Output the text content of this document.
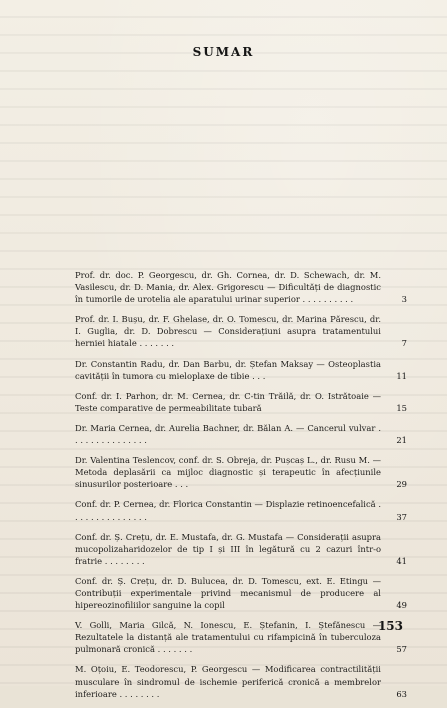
SUMAR
Prof. dr. doc. P. Georgescu, dr. Gh. Cornea, dr. D. Schewach, dr. M. Vasilescu, dr. D. Mania, dr. Alex. Grigorescu — Dificultăți de diagnostic în tumorile de urotelia ale aparatului urinar superior . . . . . . . . . .	3
Prof. dr. I. Bușu, dr. F. Ghelase, dr. O. Tomescu, dr. Marina Părescu, dr. I. Guglia, dr. D. Dobrescu — Considerațiuni asupra tratamentului herniei hiatale . . . . . . .	7
Dr. Constantin Radu, dr. Dan Barbu, dr. Ștefan Maksay — Osteoplastia cavității în tumora cu mieloplaxe de tibie . . .	11
Conf. dr. I. Parhon, dr. M. Cernea, dr. C-tin Trăilă, dr. O. Istrătoaie — Teste comparative de permeabilitate tubară	15
Dr. Maria Cernea, dr. Aurelia Bachner, dr. Bălan A. — Cancerul vulvar . . . . . . . . . . . . . . .	21
Dr. Valentina Teslencov, conf. dr. S. Obreja, dr. Pușcaș L., dr. Rusu M. — Metoda deplasării ca mijloc diagnostic și terapeutic în afecțiunile sinusurilor posterioare . . .	29
Conf. dr. P. Cernea, dr. Florica Constantin — Displazie retinoencefalică . . . . . . . . . . . . . . .	37
Conf. dr. Ș. Crețu, dr. E. Mustafa, dr. G. Mustafa — Considerații asupra mucopolizaharidozelor de tip I și III în legătură cu 2 cazuri într-o fratrie . . . . . . . .	41
Conf. dr. Ș. Crețu, dr. D. Bulucea, dr. D. Tomescu, ext. E. Etingu — Contribuții experimentale privind mecanismul de producere al hipereozinofiliilor sanguine la copil	49
V. Golli, Maria Gilcă, N. Ionescu, E. Ștefanin, I. Ștefănescu — Rezultatele la distanță ale tratamentului cu rifampicină în tuberculoza pulmonară cronică . . . . . . .	57
M. Oțoiu, E. Teodorescu, P. Georgescu — Modificarea contractilității musculare în sindromul de ischemie periferică cronică a membrelor inferioare . . . . . . . .	63
153
